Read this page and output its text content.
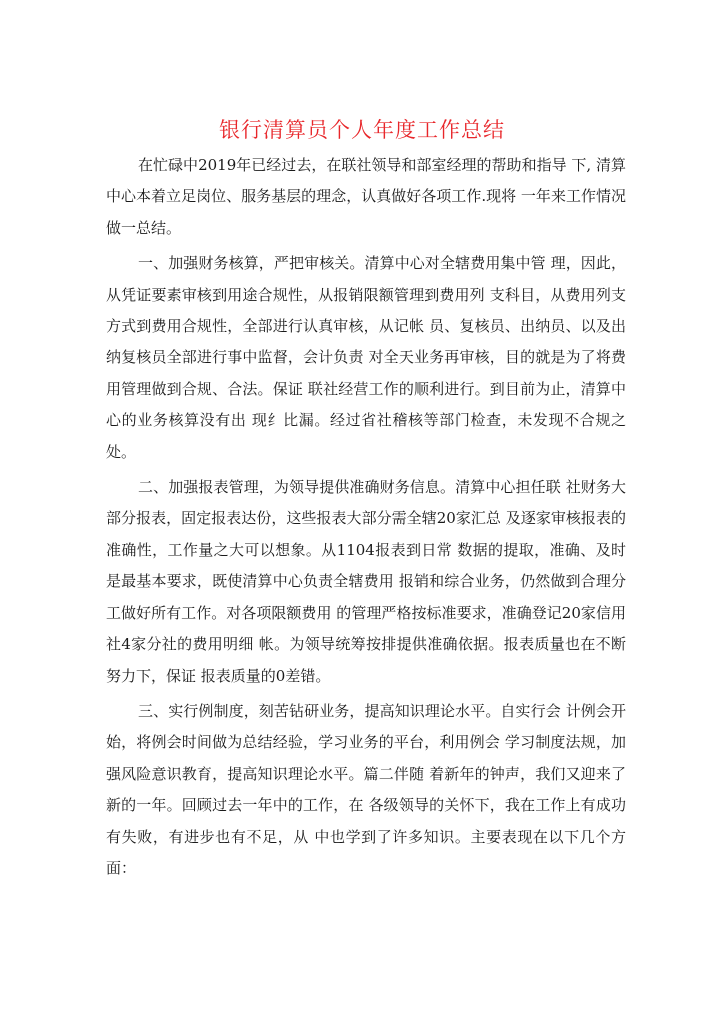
银行清算员个人年度工作总结

在忙碌中2019年已经过去，在联社领导和部室经理的帮助和指导 下, 清算中心本着立足岗位、服务基层的理念，认真做好各项工作.现将 一年来工作情况做一总结。

一、加强财务核算，严把审核关。清算中心对全辖费用集中管 理，因此，从凭证要素审核到用途合规性，从报销限额管理到费用列 支科目，从费用列支方式到费用合规性，全部进行认真审核，从记帐 员、复核员、出纳员、以及出纳复核员全部进行事中监督，会计负责 对全天业务再审核，目的就是为了将费用管理做到合规、合法。保证 联社经营工作的顺利进行。到目前为止，清算中心的业务核算没有出 现纟比漏。经过省社稽核等部门检查，未发现不合规之处。

二、加强报表管理，为领导提供准确财务信息。清算中心担任联 社财务大部分报表，固定报表达份，这些报表大部分需全辖20家汇总 及逐家审核报表的准确性，工作量之大可以想象。从1104报表到日常 数据的提取，准确、及时是最基本要求，既使清算中心负责全辖费用 报销和综合业务，仍然做到合理分工做好所有工作。对各项限额费用 的管理严格按标准要求，准确登记20家信用社4家分社的费用明细 帐。为领导统筹按排提供准确依据。报表质量也在不断努力下，保证 报表质量的0差错。

三、实行例制度，刻苦钻研业务，提高知识理论水平。自实行会 计例会开始，将例会时间做为总结经验，学习业务的平台，利用例会 学习制度法规，加强风险意识教育，提高知识理论水平。篇二伴随 着新年的钟声，我们又迎来了新的一年。回顾过去一年中的工作，在 各级领导的关怀下，我在工作上有成功有失败，有进步也有不足，从 中也学到了许多知识。主要表现在以下几个方面：
